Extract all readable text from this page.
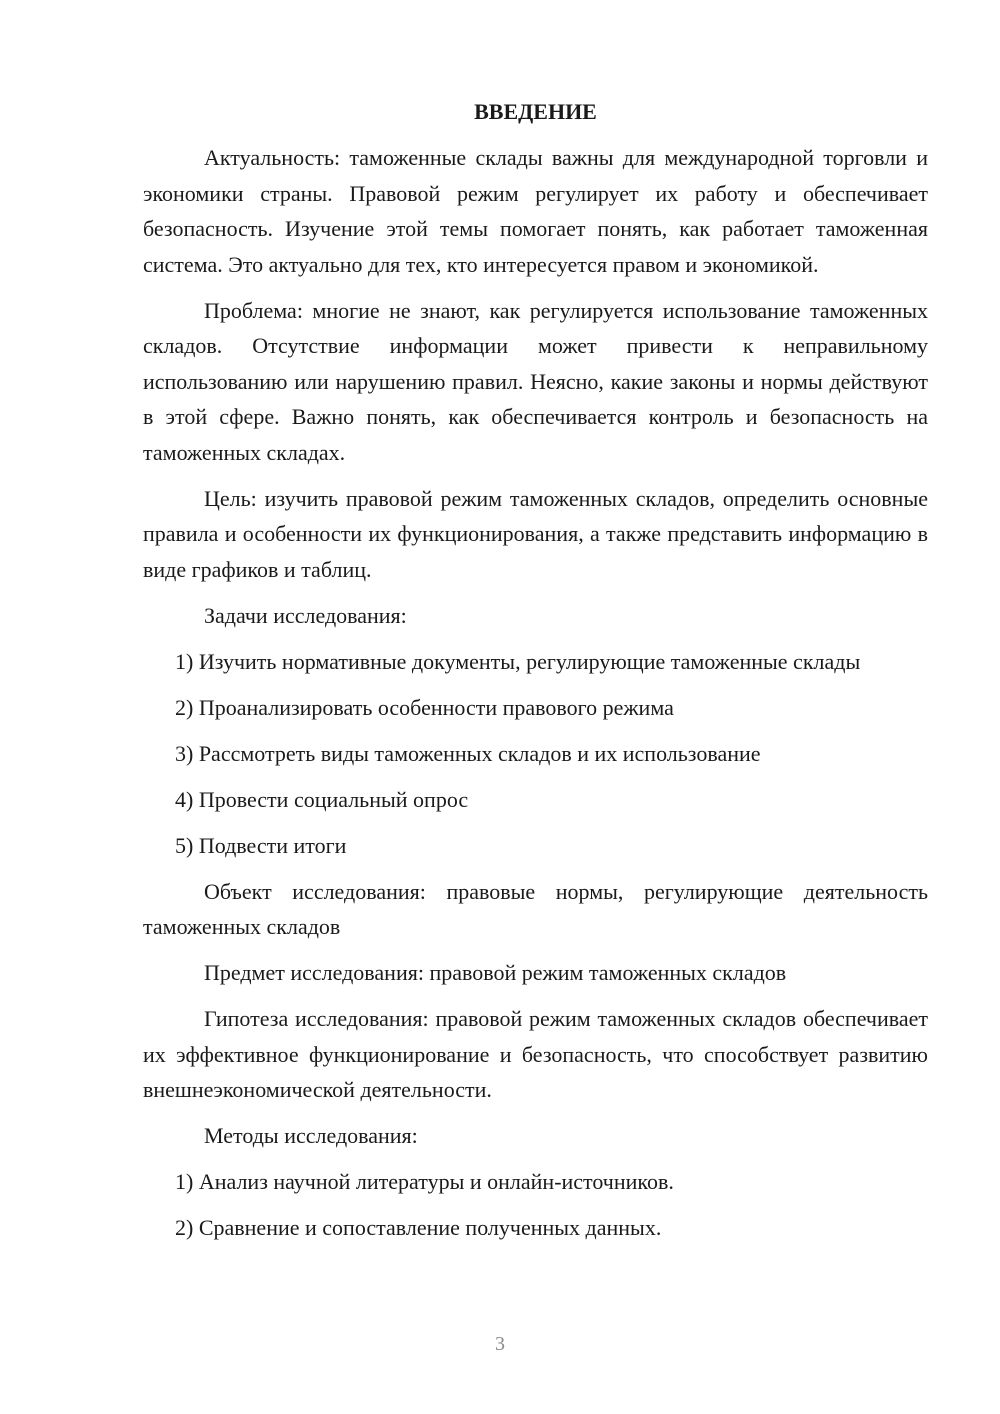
ВВЕДЕНИЕ
Актуальность: таможенные склады важны для международной торговли и экономики страны. Правовой режим регулирует их работу и обеспечивает безопасность. Изучение этой темы помогает понять, как работает таможенная система. Это актуально для тех, кто интересуется правом и экономикой.
Проблема: многие не знают, как регулируется использование таможенных складов. Отсутствие информации может привести к неправильному использованию или нарушению правил. Неясно, какие законы и нормы действуют в этой сфере. Важно понять, как обеспечивается контроль и безопасность на таможенных складах.
Цель: изучить правовой режим таможенных складов, определить основные правила и особенности их функционирования, а также представить информацию в виде графиков и таблиц.
Задачи исследования:
1) Изучить нормативные документы, регулирующие таможенные склады
2) Проанализировать особенности правового режима
3) Рассмотреть виды таможенных складов и их использование
4) Провести социальный опрос
5) Подвести итоги
Объект исследования: правовые нормы, регулирующие деятельность таможенных складов
Предмет исследования: правовой режим таможенных складов
Гипотеза исследования: правовой режим таможенных складов обеспечивает их эффективное функционирование и безопасность, что способствует развитию внешнеэкономической деятельности.
Методы исследования:
1) Анализ научной литературы и онлайн-источников.
2) Сравнение и сопоставление полученных данных.
3
